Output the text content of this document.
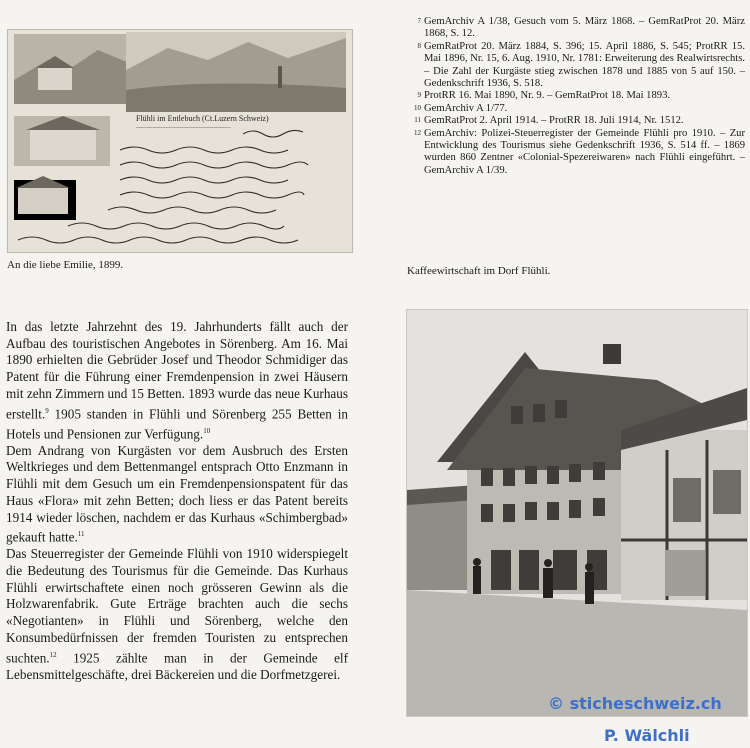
Flühli im Entlebuch (Ct.Luzern Schweiz)
~~~~~~~~~~~~~~~~~~~~~~~~~~~~~~~~~~~
An die liebe Emilie, 1899.
7 GemArchiv A 1/38, Gesuch vom 5. März 1868. – GemRatProt 20. März 1868, S. 12.
8 GemRatProt 20. März 1884, S. 396; 15. April 1886, S. 545; ProtRR 15. Mai 1896, Nr. 15, 6. Aug. 1910, Nr. 1781: Erweiterung des Realwirtsrechts. – Die Zahl der Kurgäste stieg zwischen 1878 und 1885 von 5 auf 150. – Gedenkschrift 1936, S. 518.
9 ProtRR 16. Mai 1890, Nr. 9. – GemRatProt 18. Mai 1893.
10 GemArchiv A 1/77.
11 GemRatProt 2. April 1914. – ProtRR 18. Juli 1914, Nr. 1512.
12 GemArchiv: Polizei-Steuerregister der Gemeinde Flühli pro 1910. – Zur Entwicklung des Tourismus siehe Gedenkschrift 1936, S. 514 ff. – 1869 wurden 860 Zentner «Colonial-Spezereiwaren» nach Flühli eingeführt. – GemArchiv A 1/39.
Kaffeewirtschaft im Dorf Flühli.

In das letzte Jahrzehnt des 19. Jahrhunderts fällt auch der Aufbau des touristischen Angebotes in Sörenberg. Am 16. Mai 1890 erhielten die Gebrüder Josef und Theodor Schmidiger das Patent für die Führung einer Fremdenpension in zwei Häusern mit zehn Zimmern und 15 Betten. 1893 wurde das neue Kurhaus erstellt.$^9$ 1905 standen in Flühli und Sörenberg 255 Betten in Hotels und Pensionen zur Verfügung.$^{10}$

Dem Andrang von Kurgästen vor dem Ausbruch des Ersten Weltkrieges und dem Bettenmangel entsprach Otto Enzmann in Flühli mit dem Gesuch um ein Fremdenpensionspatent für das Haus «Flora» mit zehn Betten; doch liess er das Patent bereits 1914 wieder löschen, nachdem er das Kurhaus «Schimbergbad» gekauft hatte.$^{11}$

Das Steuerregister der Gemeinde Flühli von 1910 widerspiegelt die Bedeutung des Tourismus für die Gemeinde. Das Kurhaus Flühli erwirtschaftete einen noch grösseren Gewinn als die Holzwarenfabrik. Gute Erträge brachten auch die sechs «Negotianten» in Flühli und Sörenberg, welche den Konsumbedürfnissen der fremden Touristen zu entsprechen suchten.$^{12}$ 1925 zählte man in der Gemeinde elf Lebensmittelgeschäfte, drei Bäckereien und die Dorfmetzgerei.

© sticheschweiz.ch
P. Wälchli
